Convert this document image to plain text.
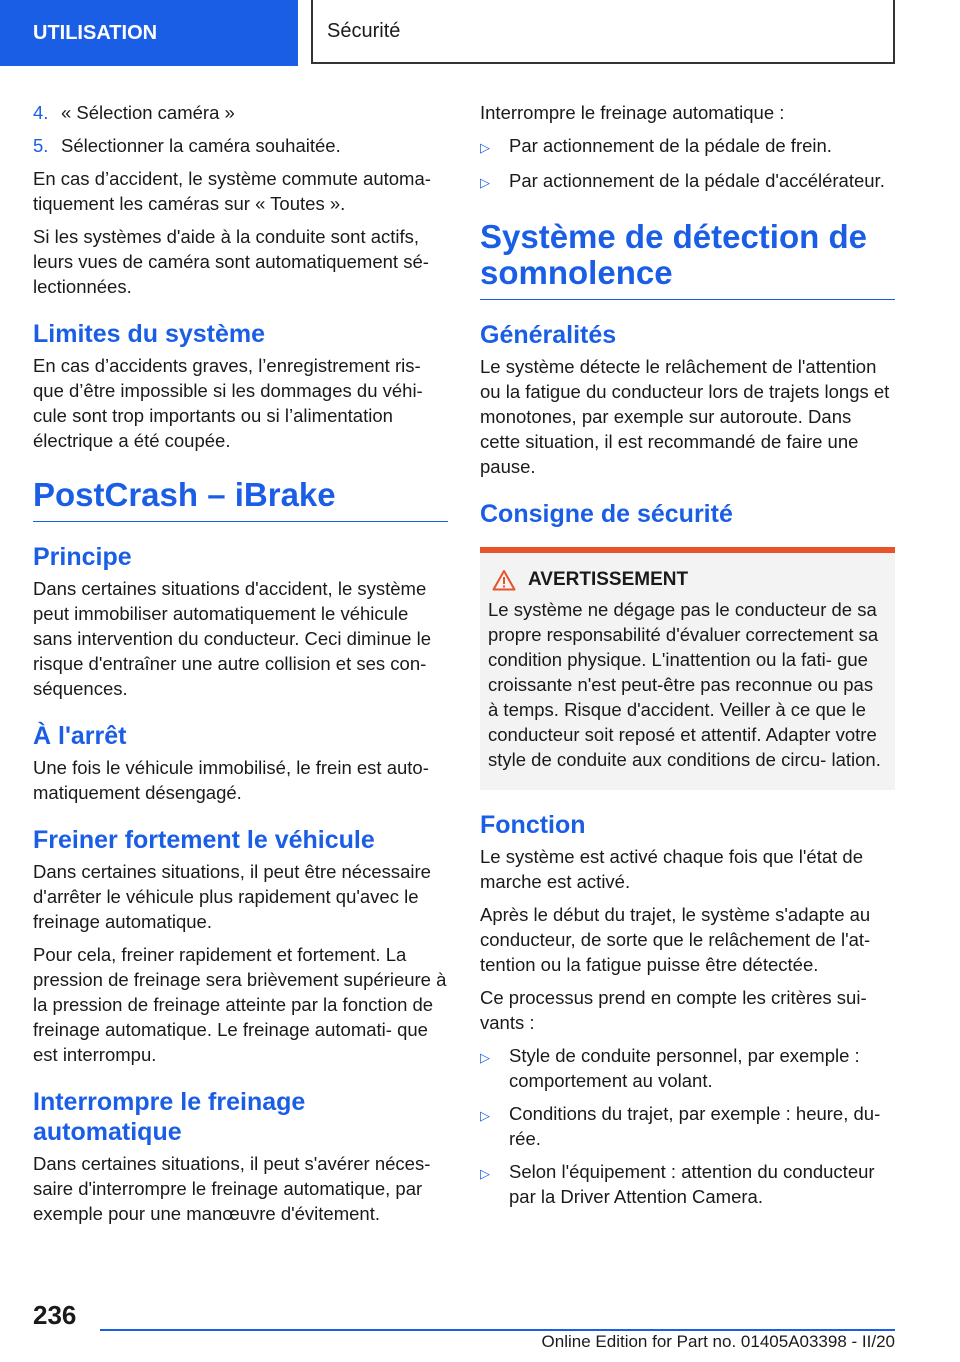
UTILISATION	Sécurité
4. « Sélection caméra »
5. Sélectionner la caméra souhaitée.

En cas d’accident, le système commute automa‐ tiquement les caméras sur « Toutes ».

Si les systèmes d'aide à la conduite sont actifs, leurs vues de caméra sont automatiquement sé‐ lectionnées.

Limites du système

En cas d’accidents graves, l’enregistrement ris‐ que d’être impossible si les dommages du véhi‐ cule sont trop importants ou si l’alimentation électrique a été coupée.

PostCrash – iBrake
Principe

Dans certaines situations d'accident, le système peut immobiliser automatiquement le véhicule sans intervention du conducteur. Ceci diminue le risque d'entraîner une autre collision et ses con‐ séquences.

À l'arrêt

Une fois le véhicule immobilisé, le frein est auto‐ matiquement désengagé.

Freiner fortement le véhicule

Dans certaines situations, il peut être nécessaire d'arrêter le véhicule plus rapidement qu'avec le freinage automatique.

Pour cela, freiner rapidement et fortement. La pression de freinage sera brièvement supérieure à la pression de freinage atteinte par la fonction de freinage automatique. Le freinage automati‐ que est interrompu.

Interrompre le freinage automatique

Dans certaines situations, il peut s'avérer néces‐ saire d'interrompre le freinage automatique, par exemple pour une manœuvre d'évitement.

Interrompre le freinage automatique :

▷	Par actionnement de la pédale de frein.
▷	Par actionnement de la pédale d'accélérateur.
Système de détection de somnolence
Généralités

Le système détecte le relâchement de l'attention ou la fatigue du conducteur lors de trajets longs et monotones, par exemple sur autoroute. Dans cette situation, il est recommandé de faire une pause.

Consigne de sécurité
AVERTISSEMENT

Le système ne dégage pas le conducteur de sa propre responsabilité d'évaluer correctement sa condition physique. L'inattention ou la fati‐ gue croissante n'est peut-être pas reconnue ou pas à temps. Risque d'accident. Veiller à ce que le conducteur soit reposé et attentif. Adapter votre style de conduite aux conditions de circu‐ lation.

Fonction

Le système est activé chaque fois que l'état de marche est activé.

Après le début du trajet, le système s'adapte au conducteur, de sorte que le relâchement de l'at‐ tention ou la fatigue puisse être détectée.

Ce processus prend en compte les critères sui‐ vants :

▷	Style de conduite personnel, par exemple : comportement au volant.
▷	Conditions du trajet, par exemple : heure, du‐ rée.
▷	Selon l'équipement : attention du conducteur par la Driver Attention Camera.
236
Online Edition for Part no. 01405A03398 - II/20
